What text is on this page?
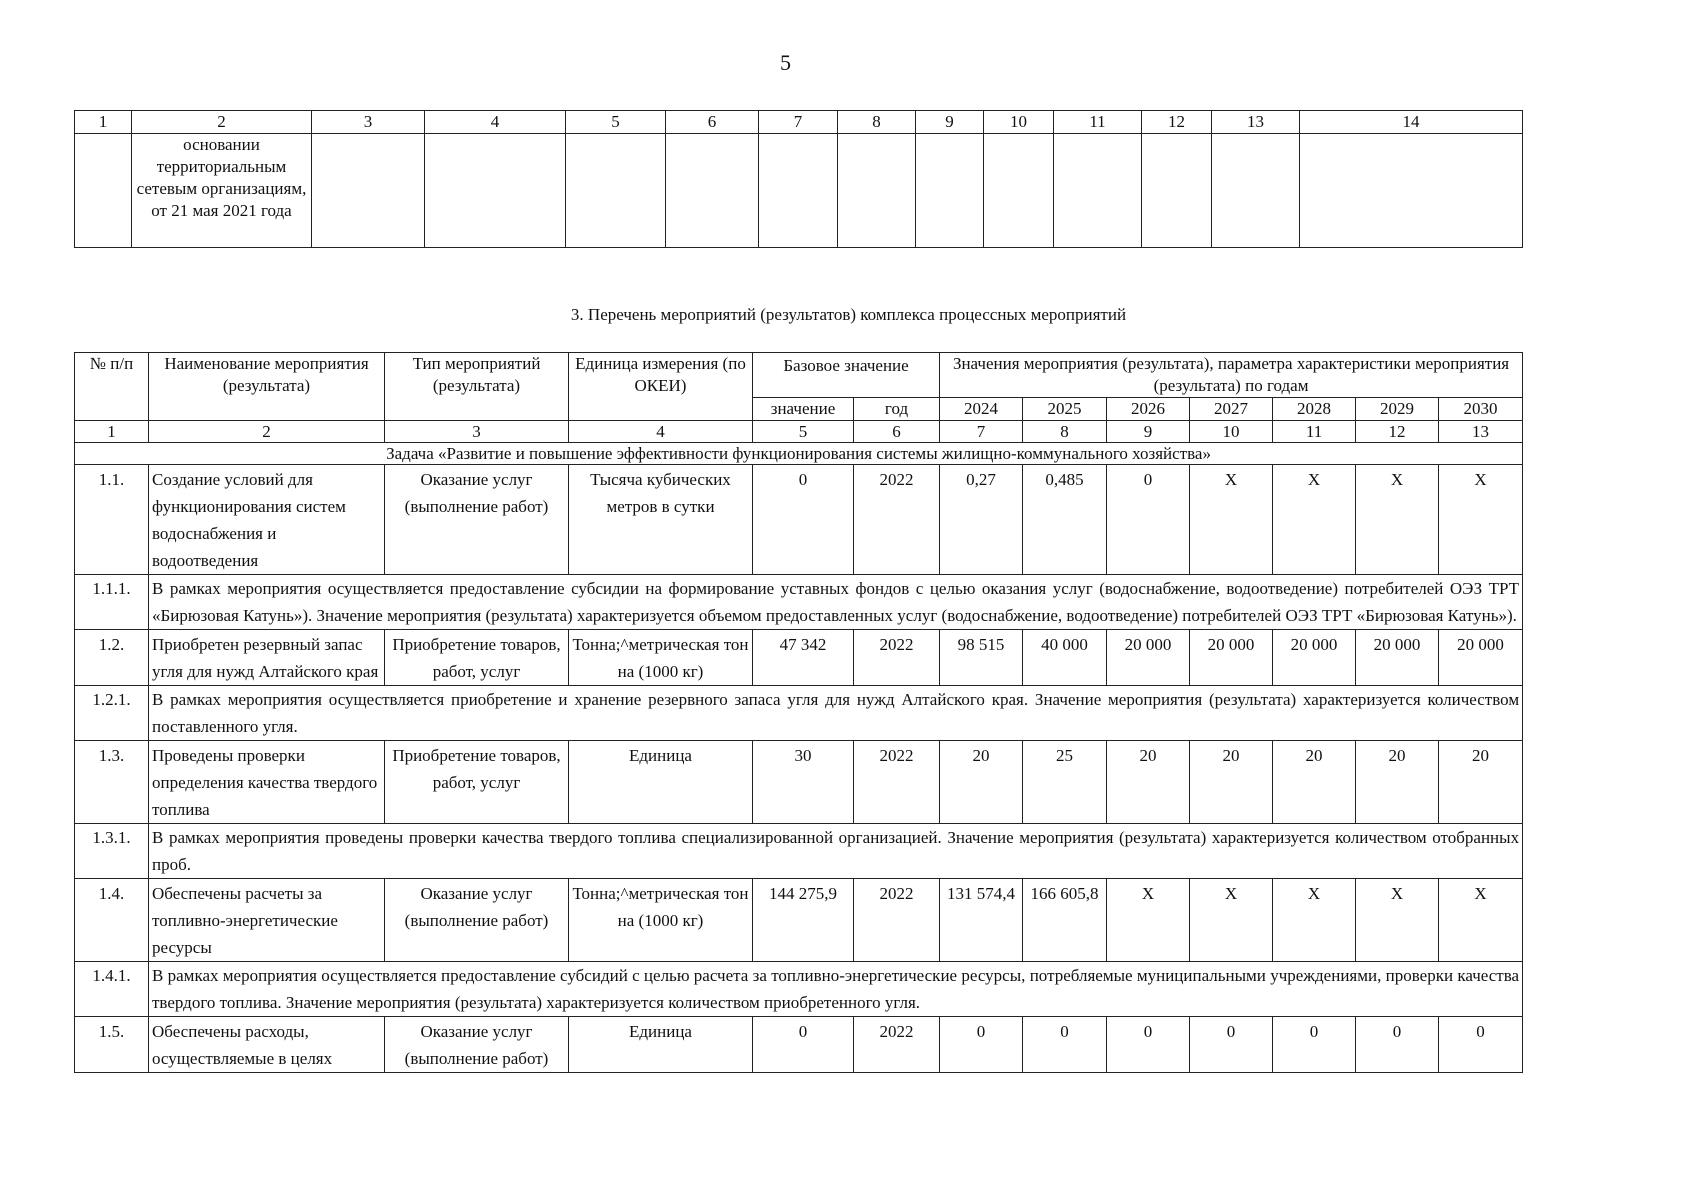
5
1	2	3	4	5	6	7	8	9	10	11	12	13	14
	основании территориальным сетевым организациям, от 21 мая 2021 года												
3. Перечень мероприятий (результатов) комплекса процессных мероприятий
№ п/п	Наименование мероприятия (результата)	Тип мероприятий (результата)	Единица измерения (по ОКЕИ)	Базовое значение		Значения мероприятия (результата), параметра характеристики мероприятия (результата) по годам						
				значение	год	2024	2025	2026	2027	2028	2029	2030
1	2	3	4	5	6	7	8	9	10	11	12	13
Задача «Развитие и повышение эффективности функционирования системы жилищно-коммунального хозяйства»												
1.1.	Создание условий для функционирования систем водоснабжения и водоотведения	Оказание услуг (выполнение работ)	Тысяча кубических метров в сутки	0	2022	0,27	0,485	0	Х	Х	Х	Х
1.1.1.	В рамках мероприятия осуществляется предоставление субсидии на формирование уставных фондов с целью оказания услуг (водоснабжение, водоотведение) потребителей ОЭЗ ТРТ «Бирюзовая Катунь»). Значение мероприятия (результата) характеризуется объемом предоставленных услуг (водоснабжение, водоотведение) потребителей ОЭЗ ТРТ «Бирюзовая Катунь»).											
1.2.	Приобретен резервный запас угля для нужд Алтайского края	Приобретение товаров, работ, услуг	Тонна;^метрическая тонна (1000 кг)	47 342	2022	98 515	40 000	20 000	20 000	20 000	20 000	20 000
1.2.1.	В рамках мероприятия осуществляется приобретение и хранение резервного запаса угля для нужд Алтайского края. Значение мероприятия (результата) характеризуется количеством поставленного угля.											
1.3.	Проведены проверки определения качества твердого топлива	Приобретение товаров, работ, услуг	Единица	30	2022	20	25	20	20	20	20	20
1.3.1.	В рамках мероприятия проведены проверки качества твердого топлива специализированной организацией. Значение мероприятия (результата) характеризуется количеством отобранных проб.											
1.4.	Обеспечены расчеты за топливно-энергетические ресурсы	Оказание услуг (выполнение работ)	Тонна;^метрическая тонна (1000 кг)	144 275,9	2022	131 574,4	166 605,8	Х	Х	Х	Х	Х
1.4.1.	В рамках мероприятия осуществляется предоставление субсидий с целью расчета за топливно-энергетические ресурсы, потребляемые муниципальными учреждениями, проверки качества твердого топлива. Значение мероприятия (результата) характеризуется количеством приобретенного угля.											
1.5.	Обеспечены расходы, осуществляемые в целях	Оказание услуг (выполнение работ)	Единица	0	2022	0	0	0	0	0	0	0
